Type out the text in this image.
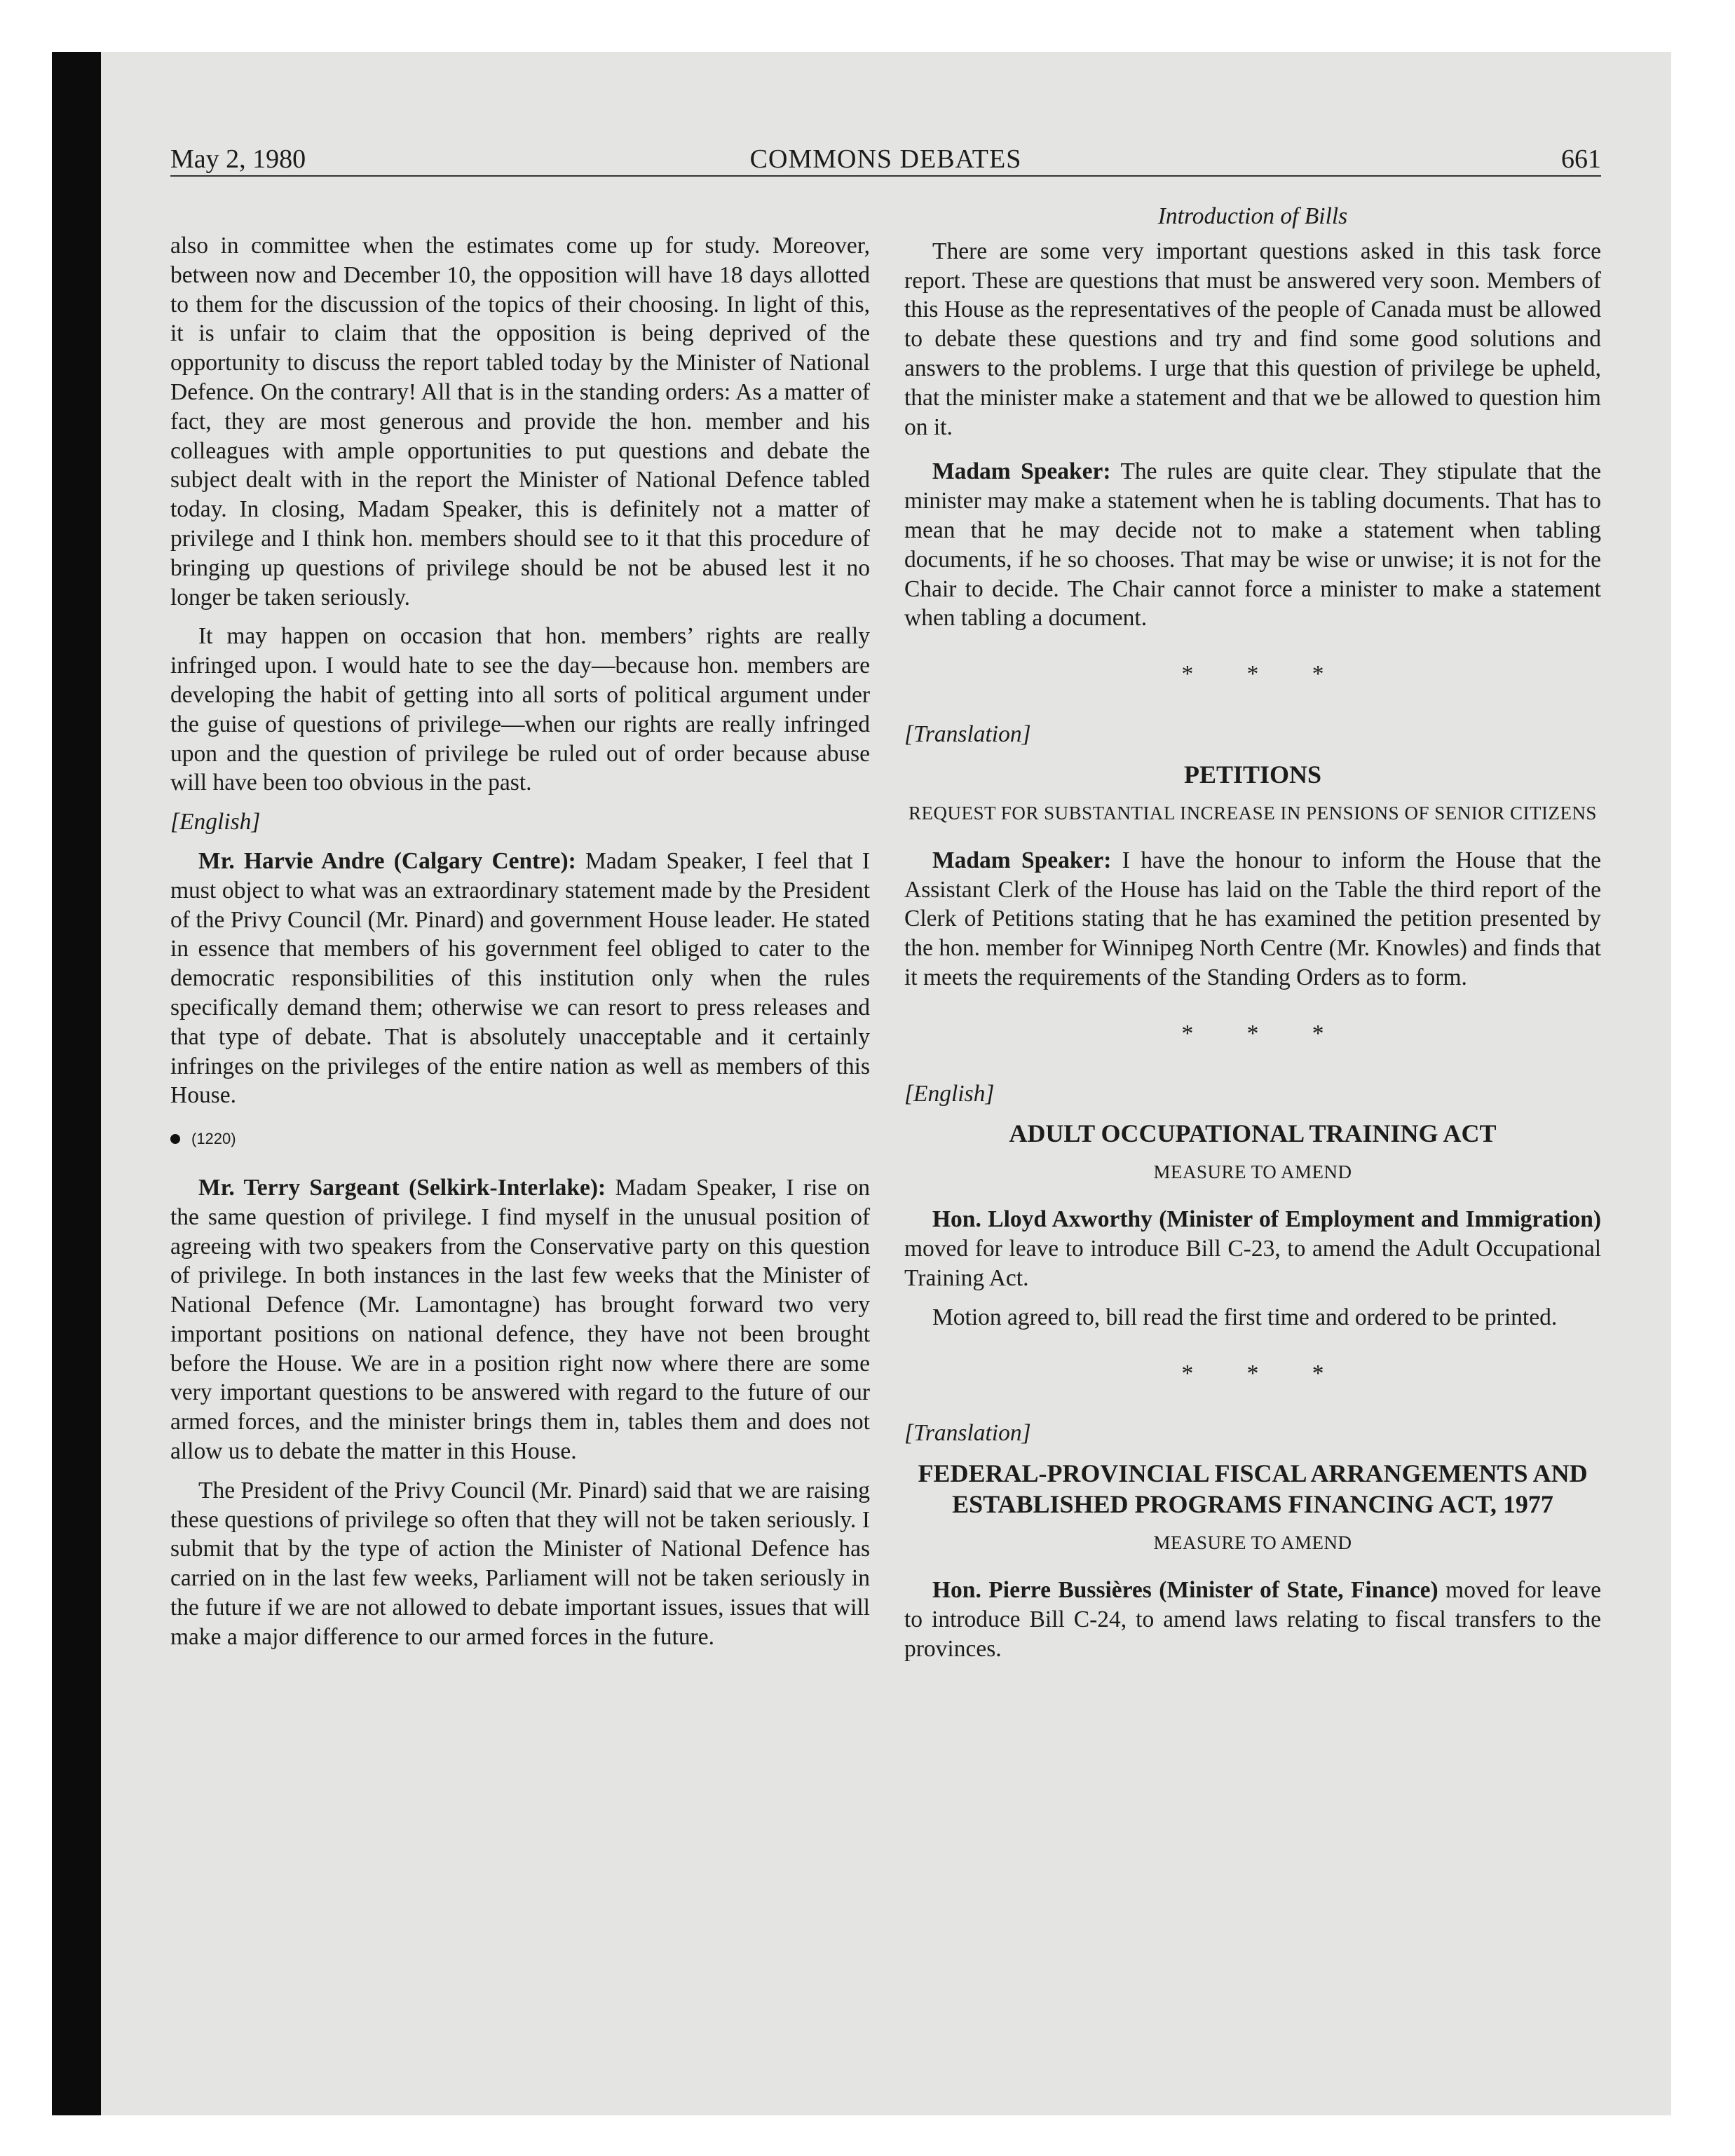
May 2, 1980	COMMONS DEBATES	661

also in committee when the estimates come up for study. Moreover, between now and December 10, the opposition will have 18 days allotted to them for the discussion of the topics of their choosing. In light of this, it is unfair to claim that the opposition is being deprived of the opportunity to discuss the report tabled today by the Minister of National Defence. On the contrary! All that is in the standing orders: As a matter of fact, they are most generous and provide the hon. member and his colleagues with ample opportunities to put questions and debate the subject dealt with in the report the Minister of National Defence tabled today. In closing, Madam Speaker, this is definitely not a matter of privilege and I think hon. members should see to it that this procedure of bringing up questions of privilege should be not be abused lest it no longer be taken seriously.

It may happen on occasion that hon. members’ rights are really infringed upon. I would hate to see the day—because hon. members are developing the habit of getting into all sorts of political argument under the guise of questions of privilege—when our rights are really infringed upon and the question of privilege be ruled out of order because abuse will have been too obvious in the past.

[English]

Mr. Harvie Andre (Calgary Centre): Madam Speaker, I feel that I must object to what was an extraordinary statement made by the President of the Privy Council (Mr. Pinard) and government House leader. He stated in essence that members of his government feel obliged to cater to the democratic responsibilities of this institution only when the rules specifically demand them; otherwise we can resort to press releases and that type of debate. That is absolutely unacceptable and it certainly infringes on the privileges of the entire nation as well as members of this House.

(1220)

Mr. Terry Sargeant (Selkirk-Interlake): Madam Speaker, I rise on the same question of privilege. I find myself in the unusual position of agreeing with two speakers from the Conservative party on this question of privilege. In both instances in the last few weeks that the Minister of National Defence (Mr. Lamontagne) has brought forward two very important positions on national defence, they have not been brought before the House. We are in a position right now where there are some very important questions to be answered with regard to the future of our armed forces, and the minister brings them in, tables them and does not allow us to debate the matter in this House.

The President of the Privy Council (Mr. Pinard) said that we are raising these questions of privilege so often that they will not be taken seriously. I submit that by the type of action the Minister of National Defence has carried on in the last few weeks, Parliament will not be taken seriously in the future if we are not allowed to debate important issues, issues that will make a major difference to our armed forces in the future.

Introduction of Bills

There are some very important questions asked in this task force report. These are questions that must be answered very soon. Members of this House as the representatives of the people of Canada must be allowed to debate these questions and try and find some good solutions and answers to the problems. I urge that this question of privilege be upheld, that the minister make a statement and that we be allowed to question him on it.

Madam Speaker: The rules are quite clear. They stipulate that the minister may make a statement when he is tabling documents. That has to mean that he may decide not to make a statement when tabling documents, if he so chooses. That may be wise or unwise; it is not for the Chair to decide. The Chair cannot force a minister to make a statement when tabling a document.

* * *
[Translation]
PETITIONS
REQUEST FOR SUBSTANTIAL INCREASE IN PENSIONS OF SENIOR CITIZENS

Madam Speaker: I have the honour to inform the House that the Assistant Clerk of the House has laid on the Table the third report of the Clerk of Petitions stating that he has examined the petition presented by the hon. member for Winnipeg North Centre (Mr. Knowles) and finds that it meets the requirements of the Standing Orders as to form.

* * *
[English]
ADULT OCCUPATIONAL TRAINING ACT
MEASURE TO AMEND

Hon. Lloyd Axworthy (Minister of Employment and Immigration) moved for leave to introduce Bill C-23, to amend the Adult Occupational Training Act.

Motion agreed to, bill read the first time and ordered to be printed.

* * *
[Translation]
FEDERAL-PROVINCIAL FISCAL ARRANGEMENTS AND ESTABLISHED PROGRAMS FINANCING ACT, 1977
MEASURE TO AMEND

Hon. Pierre Bussières (Minister of State, Finance) moved for leave to introduce Bill C-24, to amend laws relating to fiscal transfers to the provinces.
